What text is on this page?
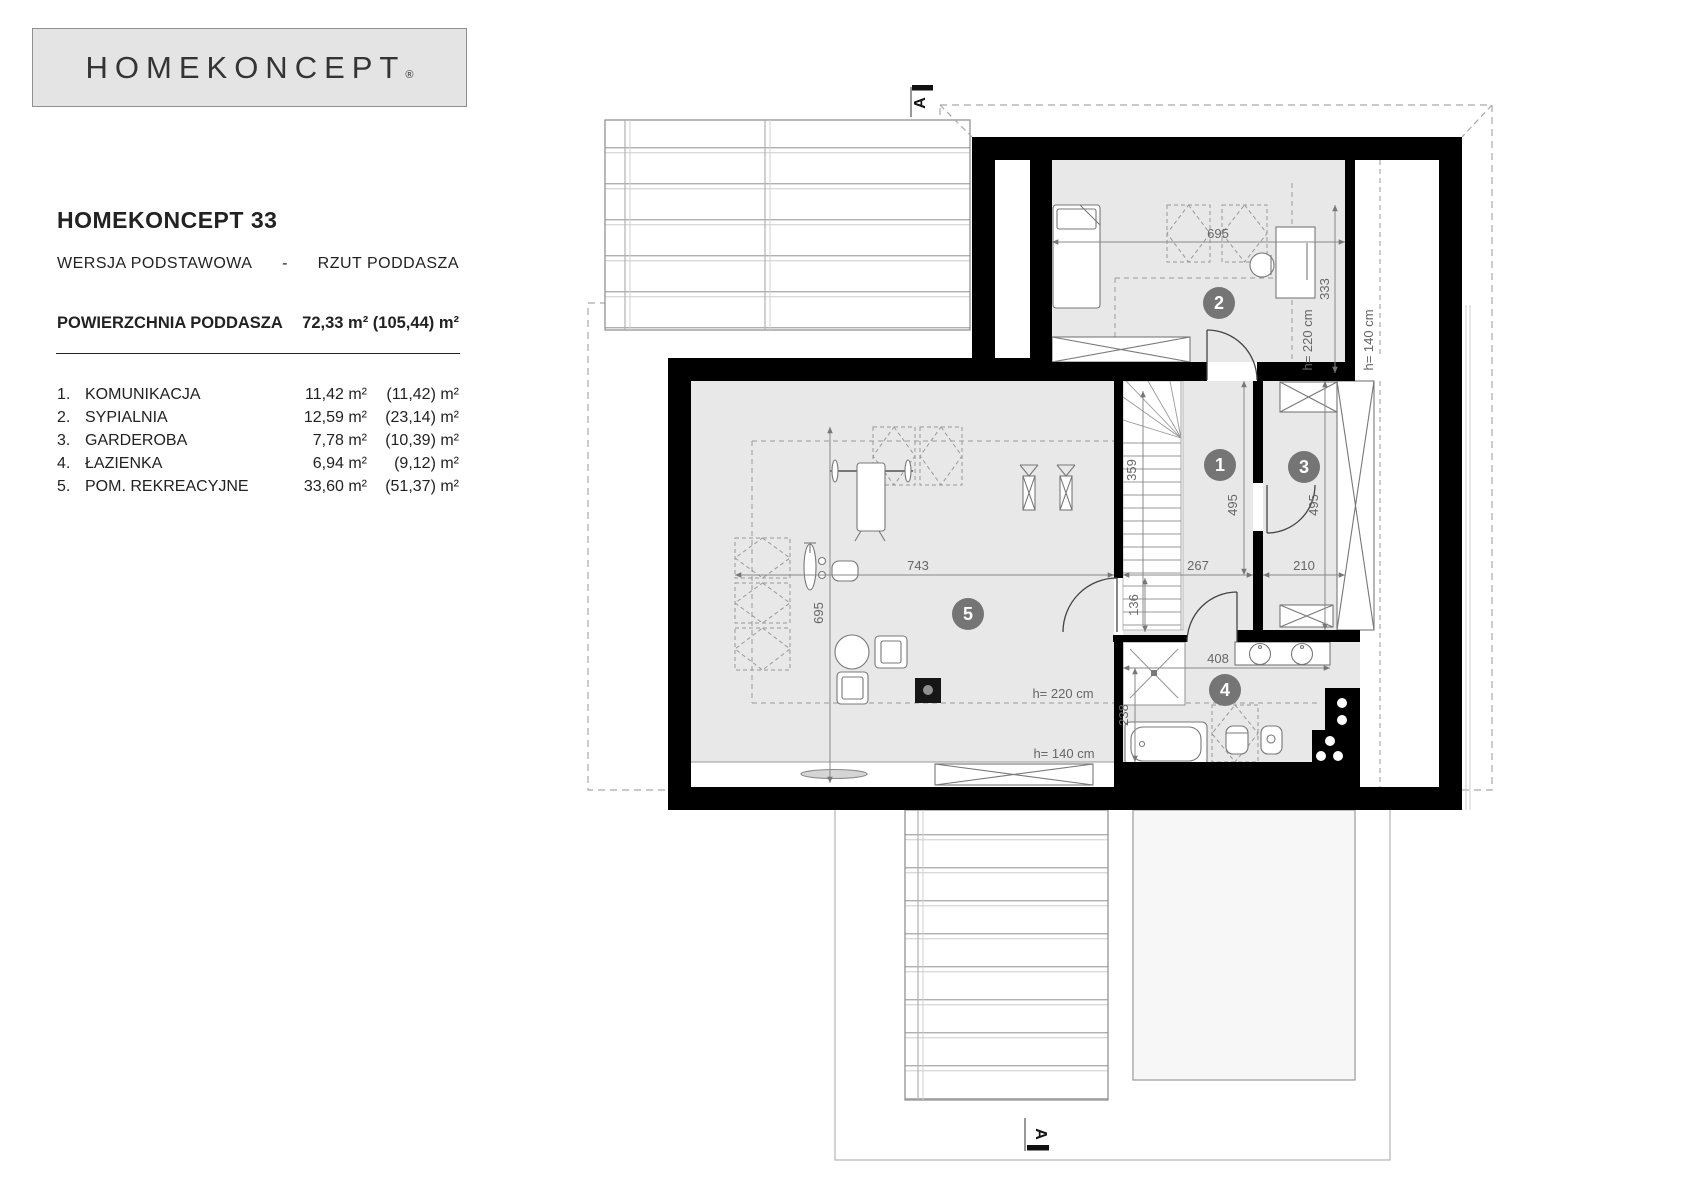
HOMEKONCEPT®
HOMEKONCEPT 33
WERSJA PODSTAWOWA - RZUT PODDASZA
POWIERZCHNIA PODDASZA 72,33 m² (105,44) m²
1. KOMUNIKACJA	11,42 m²	(11,42) m²
2. SYPIALNIA	12,59 m²	(23,14) m²
3. GARDEROBA	7,78 m²	(10,39) m²
4. ŁAZIENKA	6,94 m²	(9,12) m²
5. POM. REKREACYJNE	33,60 m²	(51,37) m²
695
333
359
495
267	210
495
136
408
238
743
695
h= 220 cm
h= 140 cm
h= 220 cm	h= 140 cm
1
2
3
4
5
A
A
